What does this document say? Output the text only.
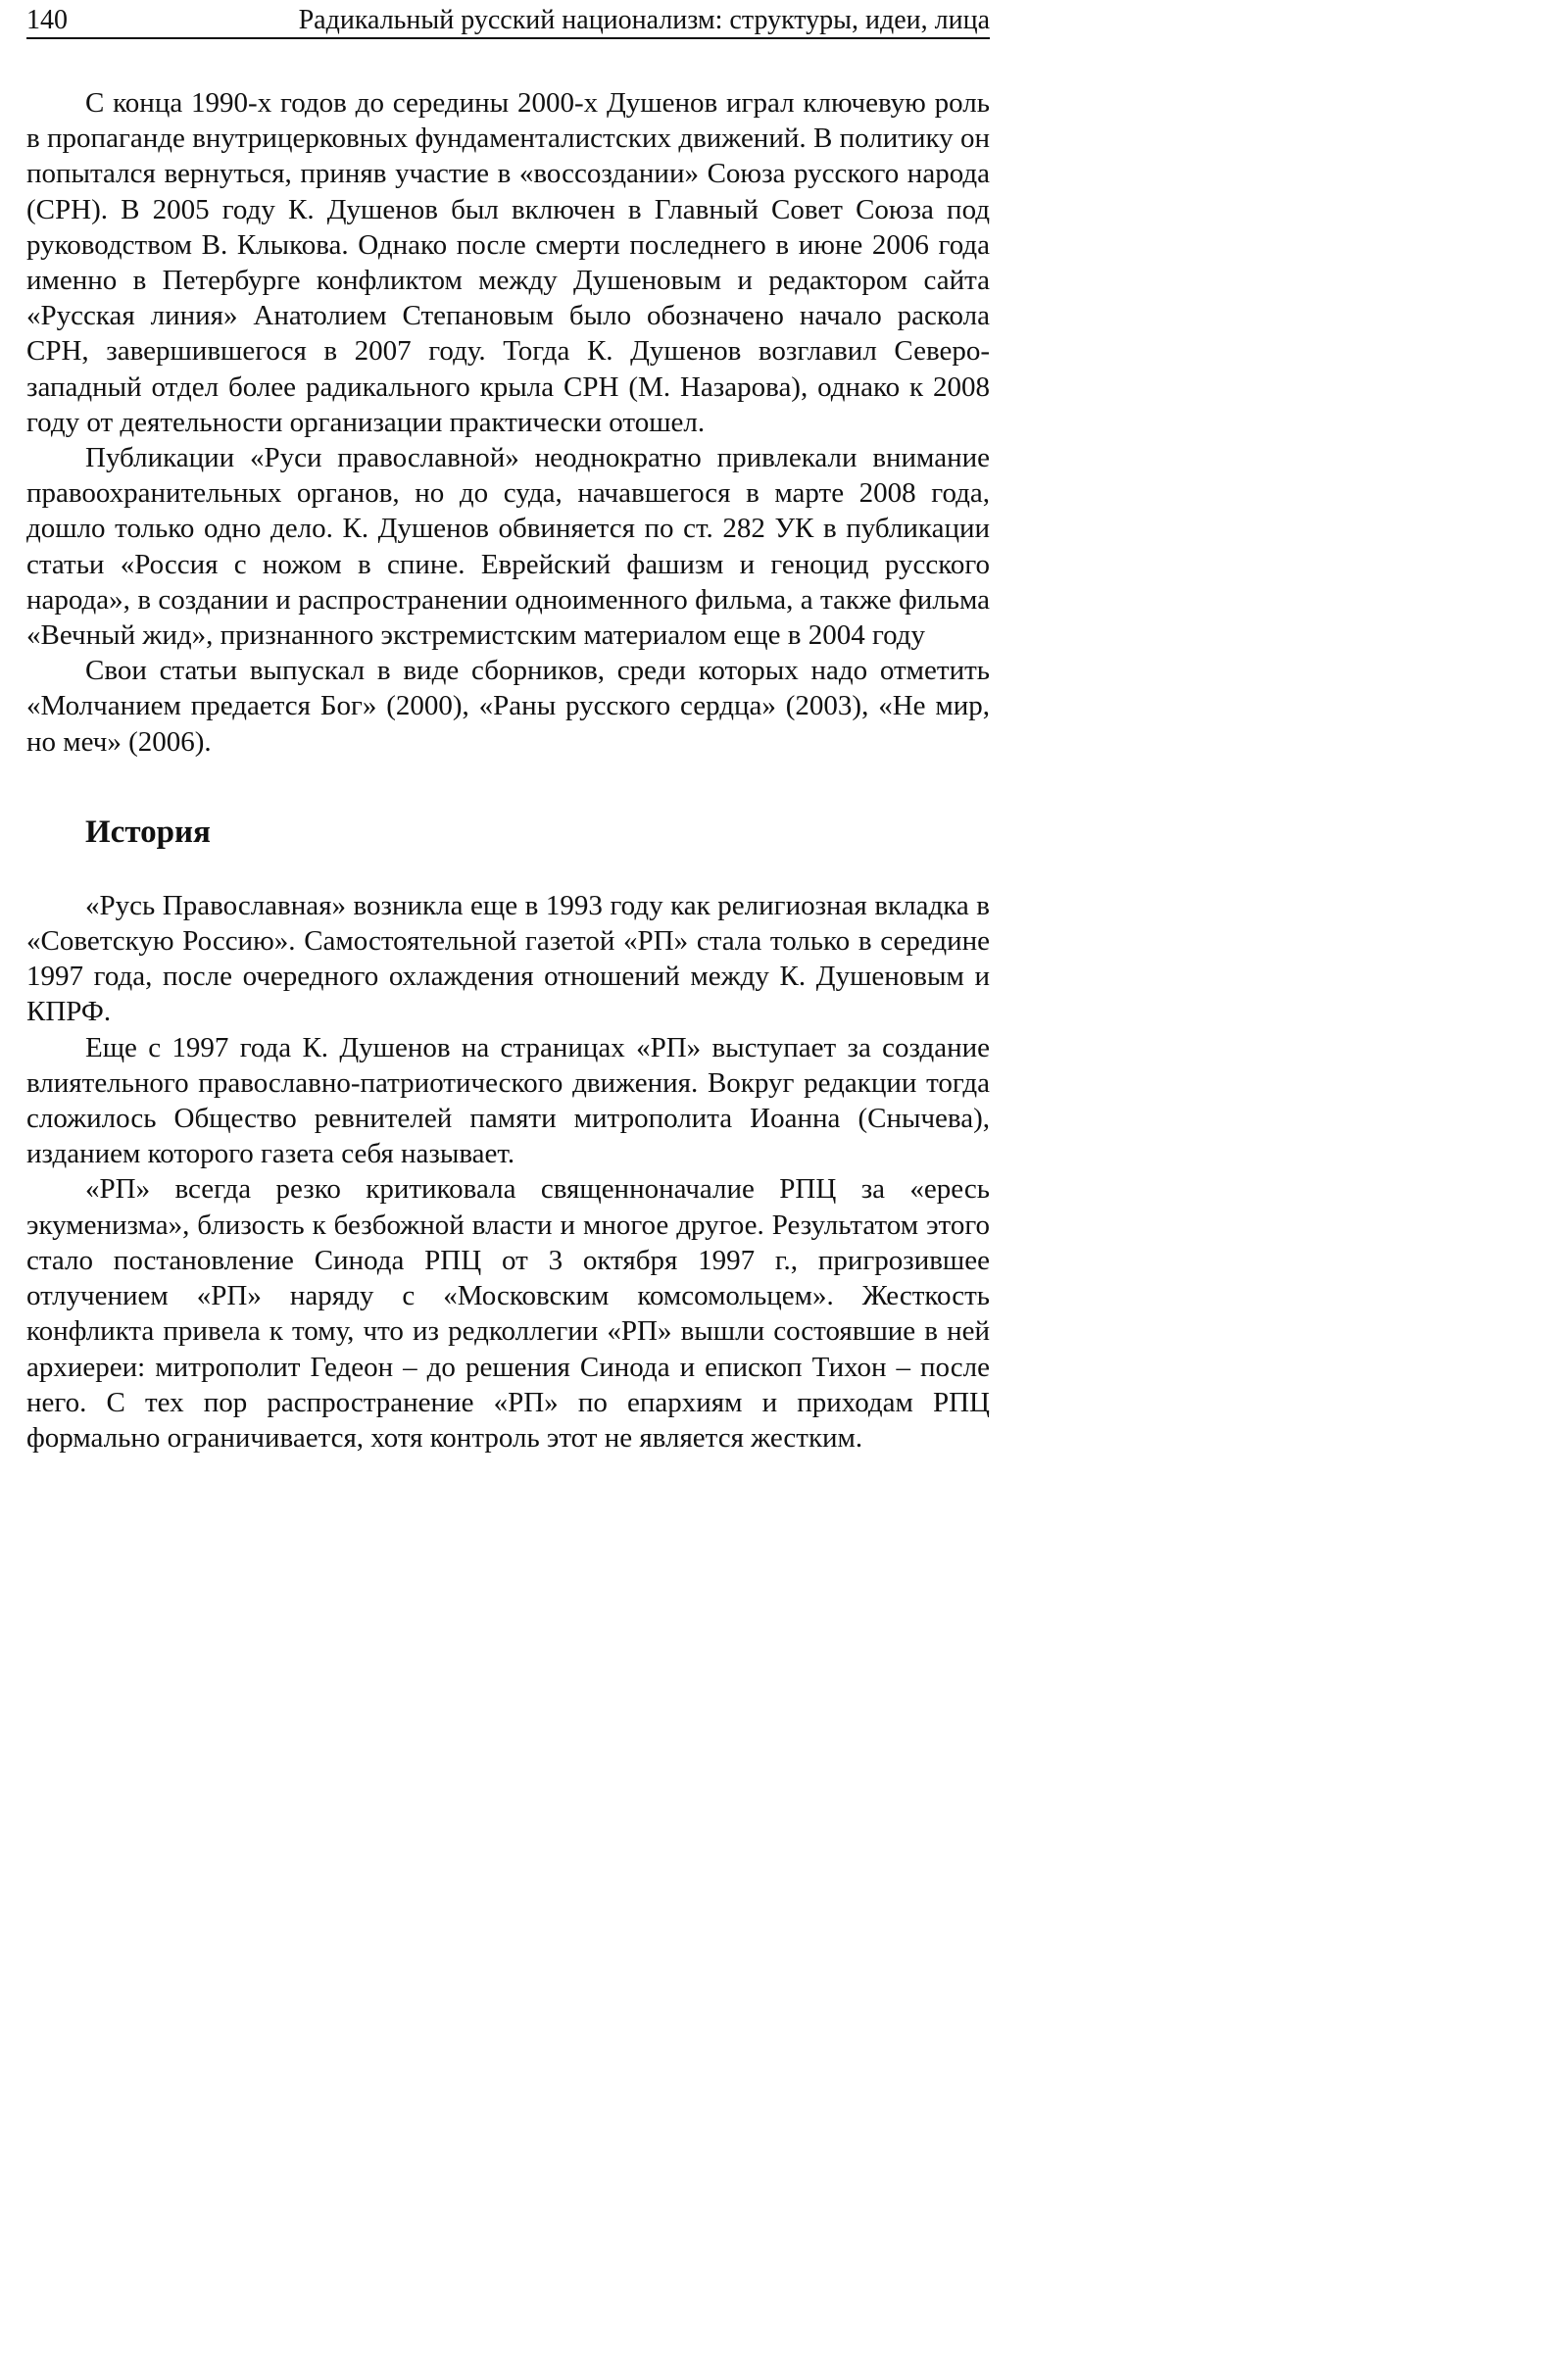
140	Радикальный русский национализм: структуры, идеи, лица

С конца 1990-х годов до середины 2000-х Душенов играл ключевую роль в пропаганде внутрицерковных фундаменталистских движений. В политику он попытался вернуться, приняв участие в «воссоздании» Союза русского народа (СРН). В 2005 году К. Душенов был включен в Главный Совет Союза под руководством В. Клыкова. Однако после смерти последнего в июне 2006 года именно в Петербурге конфликтом между Душеновым и редактором сайта «Русская линия» Анатолием Степановым было обозначено начало раскола СРН, завершившегося в 2007 году. Тогда К. Душенов возглавил Северо-западный отдел более радикального крыла СРН (М. Назарова), однако к 2008 году от деятельности организации практически отошел.

Публикации «Руси православной» неоднократно привлекали внимание правоохранительных органов, но до суда, начавшегося в марте 2008 года, дошло только одно дело. К. Душенов обвиняется по ст. 282 УК в публикации статьи «Россия с ножом в спине. Еврейский фашизм и геноцид русского народа», в создании и распространении одноименного фильма, а также фильма «Вечный жид», признанного экстремистским материалом еще в 2004 году

Свои статьи выпускал в виде сборников, среди которых надо отметить «Молчанием предается Бог» (2000), «Раны русского сердца» (2003), «Не мир, но меч» (2006).

История

«Русь Православная» возникла еще в 1993 году как религиозная вкладка в «Советскую Россию». Самостоятельной газетой «РП» стала только в середине 1997 года, после очередного охлаждения отношений между К. Душеновым и КПРФ.

Еще с 1997 года К. Душенов на страницах «РП» выступает за создание влиятельного православно-патриотического движения. Вокруг редакции тогда сложилось Общество ревнителей памяти митрополита Иоанна (Снычева), изданием которого газета себя называет.

«РП» всегда резко критиковала священноначалие РПЦ за «ересь экуменизма», близость к безбожной власти и многое другое. Результатом этого стало постановление Синода РПЦ от 3 октября 1997 г., пригрозившее отлучением «РП» наряду с «Московским комсомольцем». Жесткость конфликта привела к тому, что из редколлегии «РП» вышли состоявшие в ней архиереи: митрополит Гедеон – до решения Синода и епископ Тихон – после него. С тех пор распространение «РП» по епархиям и приходам РПЦ формально ограничивается, хотя контроль этот не является жестким.
